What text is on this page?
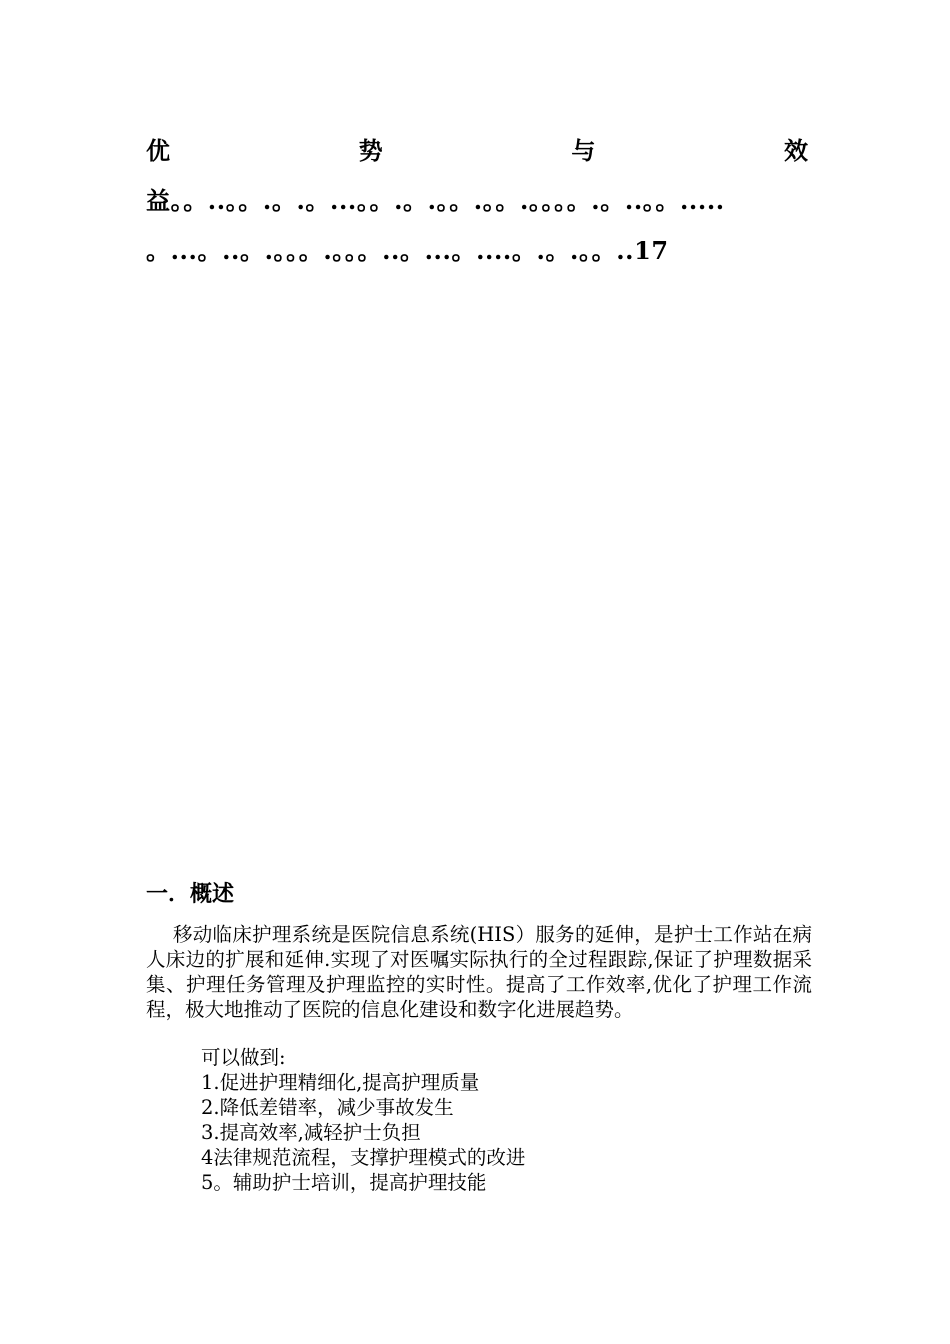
优	势	与	效
益。。..。。.。.。...。。.。.。。.。。.。。。。.。..。。.....
。...。..。.。。。.。。。..。...。....。.。.。。..17
一．概述

移动临床护理系统是医院信息系统(HIS）服务的延伸，是护士工作站在病人床边的扩展和延伸.实现了对医嘱实际执行的全过程跟踪,保证了护理数据采集、护理任务管理及护理监控的实时性。提高了工作效率,优化了护理工作流程，极大地推动了医院的信息化建设和数字化进展趋势。

可以做到:
1.促进护理精细化,提高护理质量
2.降低差错率，减少事故发生
3.提高效率,减轻护士负担
4法律规范流程，支撑护理模式的改进
5。辅助护士培训，提高护理技能
